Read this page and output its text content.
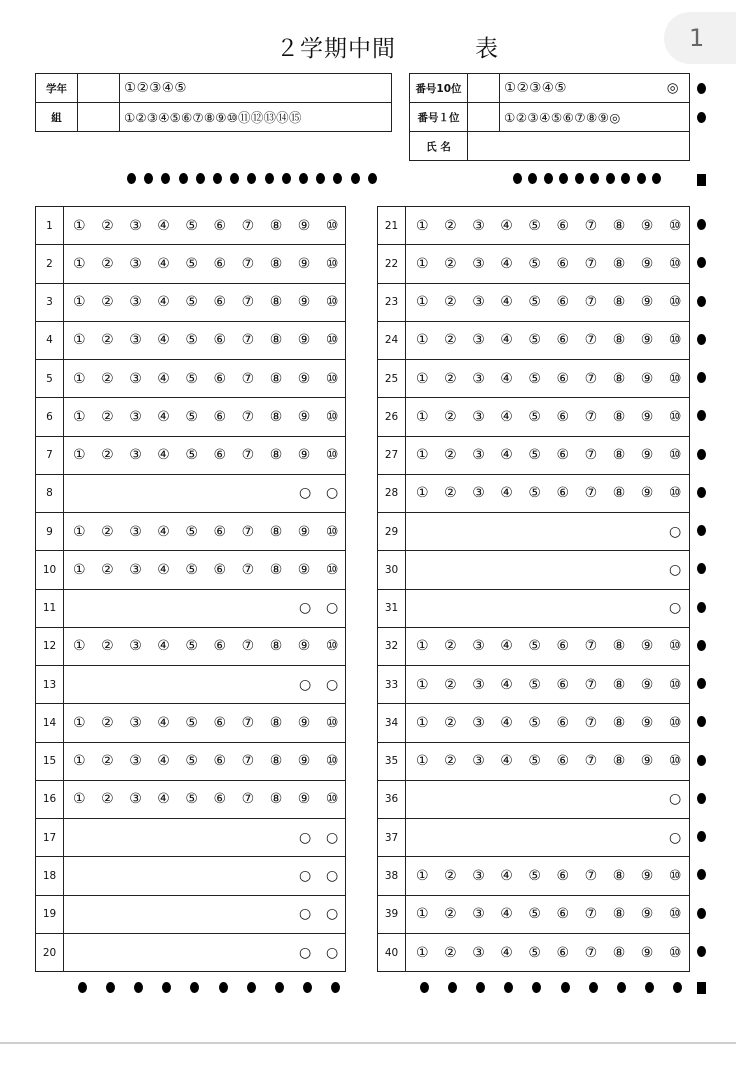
２学期中間	表	1
学年		①②③④⑤
組		①②③④⑤⑥⑦⑧⑨⑩⑪⑫⑬⑭⑮
番号10位		①②③④⑤ ◎

番号１位		①②③④⑤⑥⑦⑧⑨◎
氏 名		
1	① ② ③ ④ ⑤ ⑥ ⑦ ⑧ ⑨ ⑩
2	① ② ③ ④ ⑤ ⑥ ⑦ ⑧ ⑨ ⑩
3	① ② ③ ④ ⑤ ⑥ ⑦ ⑧ ⑨ ⑩
4	① ② ③ ④ ⑤ ⑥ ⑦ ⑧ ⑨ ⑩
5	① ② ③ ④ ⑤ ⑥ ⑦ ⑧ ⑨ ⑩
6	① ② ③ ④ ⑤ ⑥ ⑦ ⑧ ⑨ ⑩
7	① ② ③ ④ ⑤ ⑥ ⑦ ⑧ ⑨ ⑩
8	○ ○
9	① ② ③ ④ ⑤ ⑥ ⑦ ⑧ ⑨ ⑩
10	① ② ③ ④ ⑤ ⑥ ⑦ ⑧ ⑨ ⑩
11	○ ○
12	① ② ③ ④ ⑤ ⑥ ⑦ ⑧ ⑨ ⑩
13	○ ○
14	① ② ③ ④ ⑤ ⑥ ⑦ ⑧ ⑨ ⑩
15	① ② ③ ④ ⑤ ⑥ ⑦ ⑧ ⑨ ⑩
16	① ② ③ ④ ⑤ ⑥ ⑦ ⑧ ⑨ ⑩
17	○ ○
18	○ ○
19	○ ○
20	○ ○
21	① ② ③ ④ ⑤ ⑥ ⑦ ⑧ ⑨ ⑩
22	① ② ③ ④ ⑤ ⑥ ⑦ ⑧ ⑨ ⑩
23	① ② ③ ④ ⑤ ⑥ ⑦ ⑧ ⑨ ⑩
24	① ② ③ ④ ⑤ ⑥ ⑦ ⑧ ⑨ ⑩
25	① ② ③ ④ ⑤ ⑥ ⑦ ⑧ ⑨ ⑩
26	① ② ③ ④ ⑤ ⑥ ⑦ ⑧ ⑨ ⑩
27	① ② ③ ④ ⑤ ⑥ ⑦ ⑧ ⑨ ⑩
28	① ② ③ ④ ⑤ ⑥ ⑦ ⑧ ⑨ ⑩
29	○
30	○
31	○
32	① ② ③ ④ ⑤ ⑥ ⑦ ⑧ ⑨ ⑩
33	① ② ③ ④ ⑤ ⑥ ⑦ ⑧ ⑨ ⑩
34	① ② ③ ④ ⑤ ⑥ ⑦ ⑧ ⑨ ⑩
35	① ② ③ ④ ⑤ ⑥ ⑦ ⑧ ⑨ ⑩
36	○
37	○
38	① ② ③ ④ ⑤ ⑥ ⑦ ⑧ ⑨ ⑩
39	① ② ③ ④ ⑤ ⑥ ⑦ ⑧ ⑨ ⑩
40	① ② ③ ④ ⑤ ⑥ ⑦ ⑧ ⑨ ⑩
